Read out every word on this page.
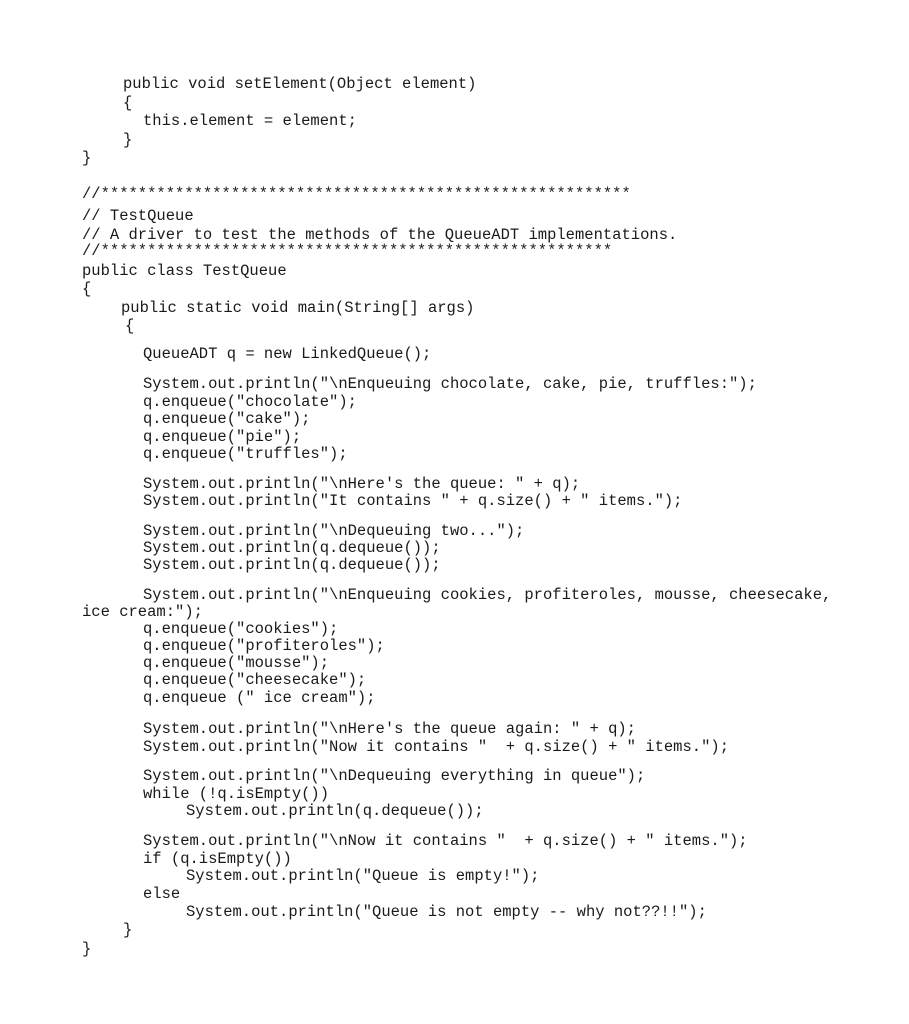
public void setElement(Object element)
{
this.element = element;
}
}
//*********************************************************
// TestQueue
// A driver to test the methods of the QueueADT implementations.
//*******************************************************
public class TestQueue
{
public static void main(String[] args)
{
QueueADT q = new LinkedQueue();
System.out.println("\nEnqueuing chocolate, cake, pie, truffles:");
q.enqueue("chocolate");
q.enqueue("cake");
q.enqueue("pie");
q.enqueue("truffles");
System.out.println("\nHere's the queue: " + q);
System.out.println("It contains " + q.size() + " items.");
System.out.println("\nDequeuing two...");
System.out.println(q.dequeue());
System.out.println(q.dequeue());
System.out.println("\nEnqueuing cookies, profiteroles, mousse, cheesecake,
ice cream:");
q.enqueue("cookies");
q.enqueue("profiteroles");
q.enqueue("mousse");
q.enqueue("cheesecake");
q.enqueue (" ice cream");
System.out.println("\nHere's the queue again: " + q);
System.out.println("Now it contains "  + q.size() + " items.");
System.out.println("\nDequeuing everything in queue");
while (!q.isEmpty())
System.out.println(q.dequeue());
System.out.println("\nNow it contains "  + q.size() + " items.");
if (q.isEmpty())
System.out.println("Queue is empty!");
else
System.out.println("Queue is not empty -- why not??!!");
}
}
